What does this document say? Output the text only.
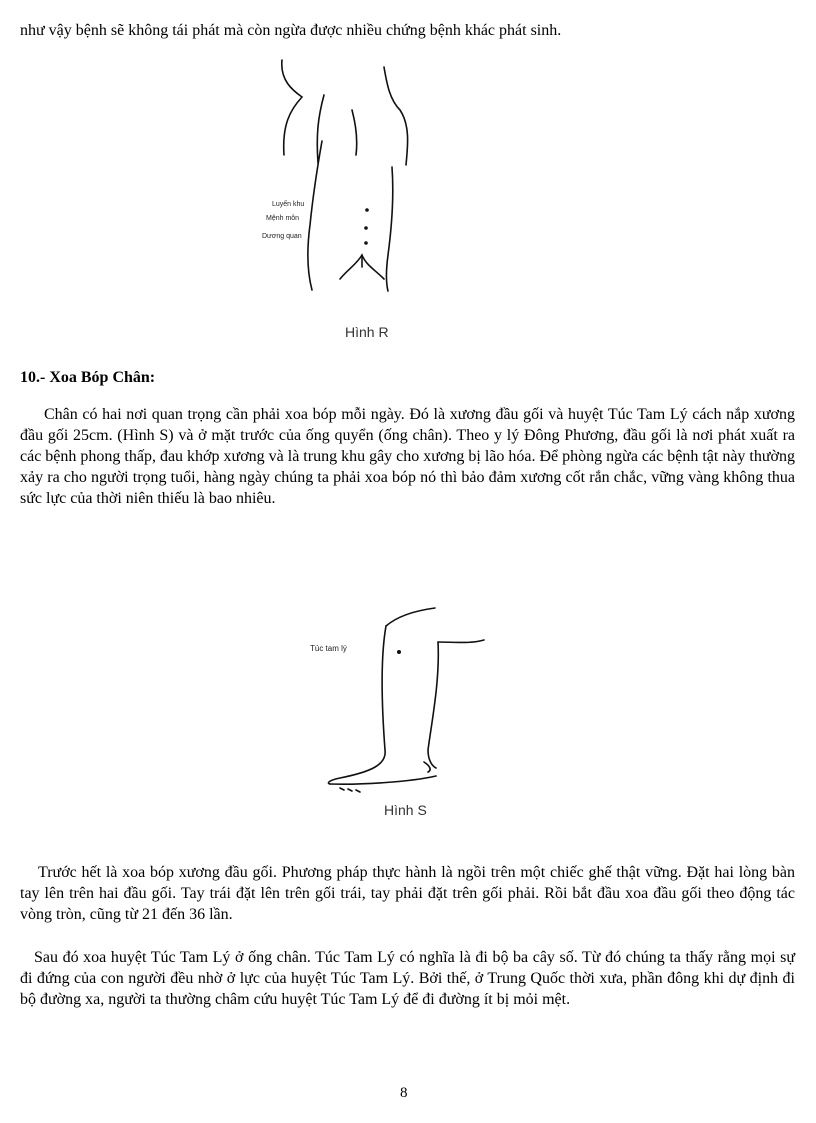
như vậy bệnh sẽ không tái phát mà còn ngừa được nhiều chứng bệnh khác phát sinh.
Luyến khu
Mệnh môn
Dương quan
Hình R
10.- Xoa Bóp Chân:
Chân có hai nơi quan trọng cần phải xoa bóp mỗi ngày. Đó là xương đầu gối và huyệt Túc Tam Lý cách nắp xương đầu gối 25cm. (Hình S) và ở mặt trước của ống quyển (ống chân). Theo y lý Đông Phương, đầu gối là nơi phát xuất ra các bệnh phong thấp, đau khớp xương và là trung khu gây cho xương bị lão hóa. Để phòng ngừa các bệnh tật này thường xảy ra cho người trọng tuổi, hàng ngày chúng ta phải xoa bóp nó thì bảo đảm xương cốt rắn chắc, vững vàng không thua sức lực của thời niên thiếu là bao nhiêu.
Túc tam lý
Hình S
Trước hết là xoa bóp xương đầu gối. Phương pháp thực hành là ngồi trên một chiếc ghế thật vững. Đặt hai lòng bàn tay lên trên hai đầu gối. Tay trái đặt lên trên gối trái, tay phải đặt trên gối phải. Rồi bắt đầu xoa đầu gối theo động tác vòng tròn, cũng từ 21 đến 36 lần.
Sau đó xoa huyệt Túc Tam Lý ở ống chân. Túc Tam Lý có nghĩa là đi bộ ba cây số. Từ đó chúng ta thấy rằng mọi sự đi đứng của con người đều nhờ ở lực của huyệt Túc Tam Lý. Bởi thế, ở Trung Quốc thời xưa, phần đông khi dự định đi bộ đường xa, người ta thường châm cứu huyệt Túc Tam Lý để đi đường ít bị mỏi mệt.
8
